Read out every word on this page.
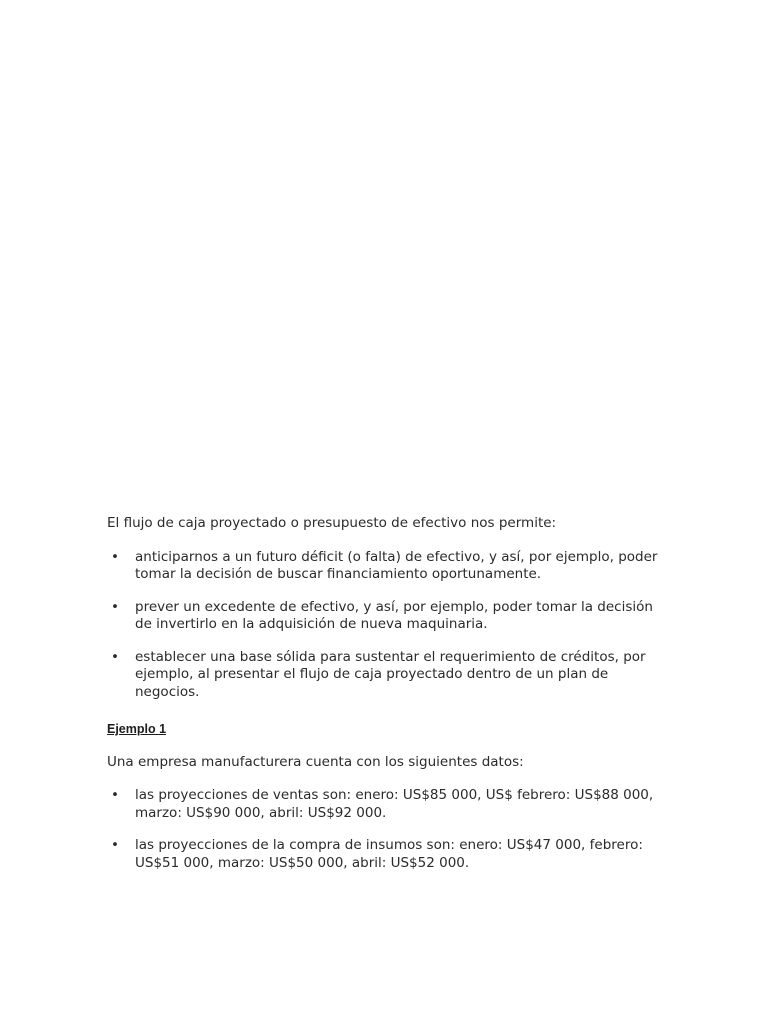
El flujo de caja proyectado o presupuesto de efectivo nos permite:

• anticiparnos a un futuro déficit (o falta) de efectivo, y así, por ejemplo, poder tomar la decisión de buscar financiamiento oportunamente.
• prever un excedente de efectivo, y así, por ejemplo, poder tomar la decisión de invertirlo en la adquisición de nueva maquinaria.
• establecer una base sólida para sustentar el requerimiento de créditos, por ejemplo, al presentar el flujo de caja proyectado dentro de un plan de negocios.
Ejemplo 1

Una empresa manufacturera cuenta con los siguientes datos:

• las proyecciones de ventas son: enero: US$85 000, US$ febrero: US$88 000, marzo: US$90 000, abril: US$92 000.
• las proyecciones de la compra de insumos son: enero: US$47 000, febrero: US$51 000, marzo: US$50 000, abril: US$52 000.
